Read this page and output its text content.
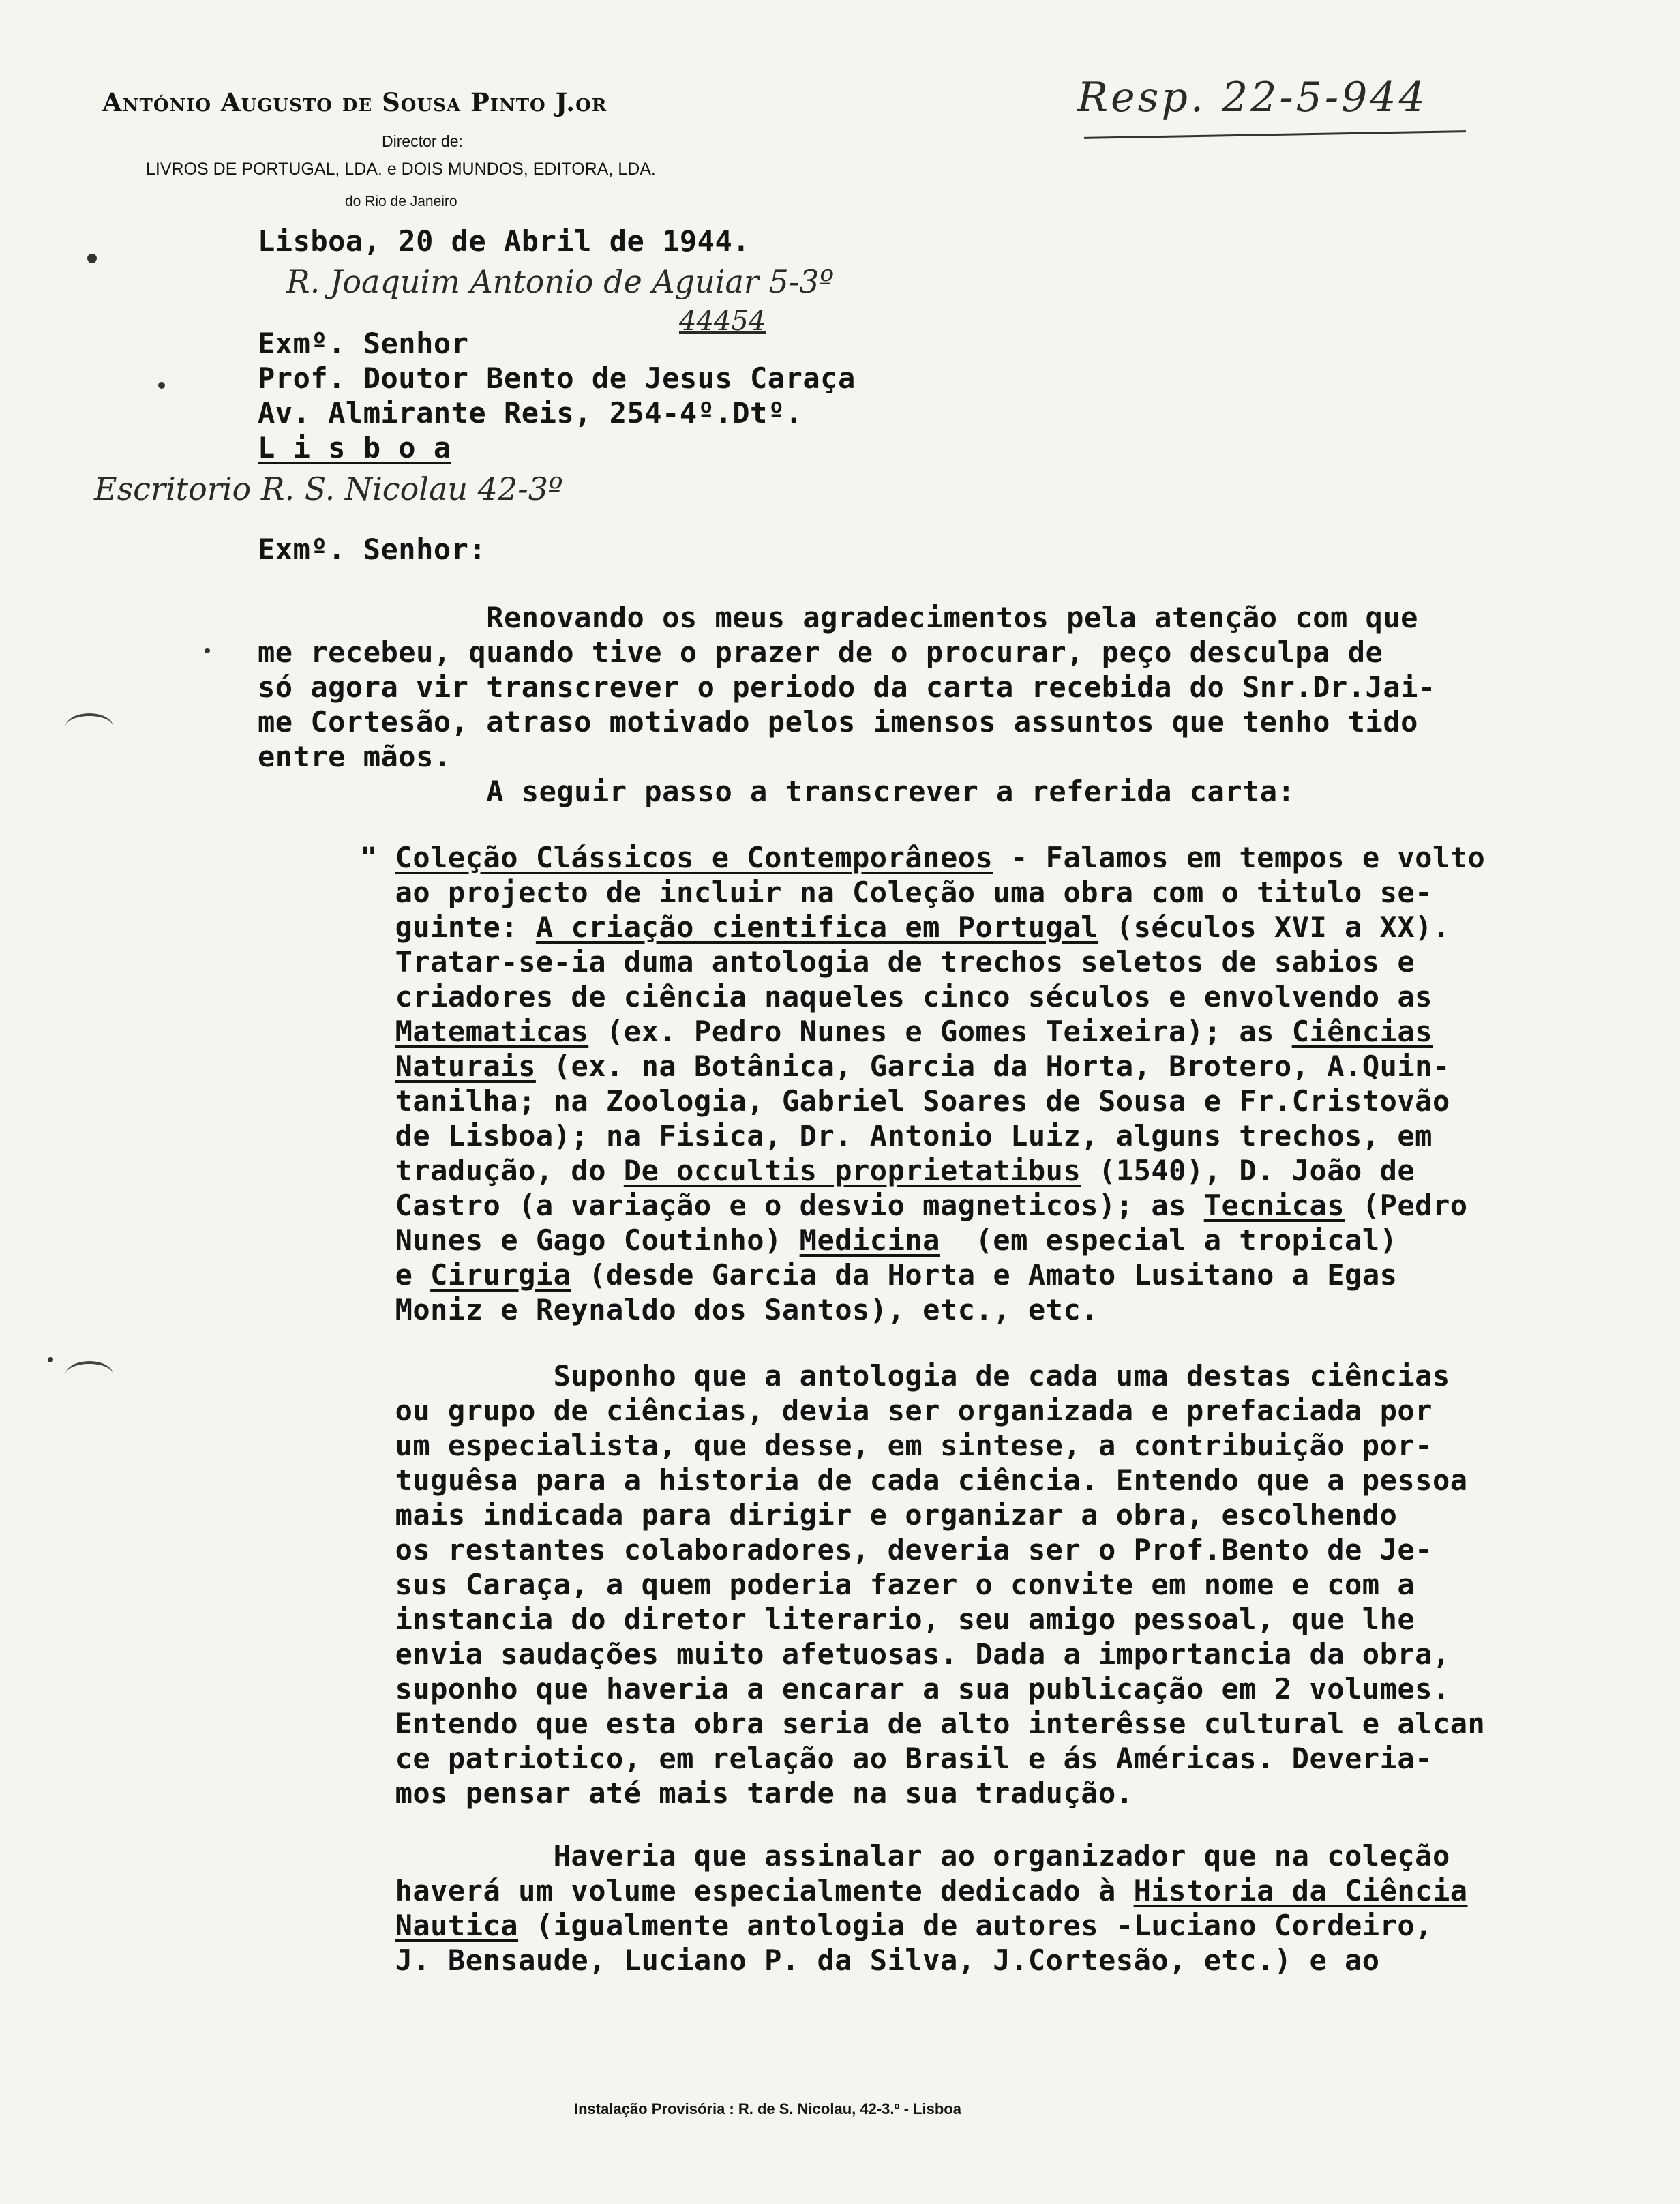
António Augusto de Sousa Pinto J.or
Director de:
LIVROS DE PORTUGAL, LDA. e DOIS MUNDOS, EDITORA, LDA.
do Rio de Janeiro
Resp. 22-5-944
R. Joaquim Antonio de Aguiar 5-3º
44454
Escritorio R. S. Nicolau 42-3º
Lisboa, 20 de Abril de 1944.
Exmº. Senhor
Prof. Doutor Bento de Jesus Caraça
Av. Almirante Reis, 254-4º.Dtº.
L i s b o a
Exmº. Senhor:
Renovando os meus agradecimentos pela atenção com que
me recebeu, quando tive o prazer de o procurar, peço desculpa de
só agora vir transcrever o periodo da carta recebida do Snr.Dr.Jai-
me Cortesão, atraso motivado pelos imensos assuntos que tenho tido
entre mãos.
A seguir passo a transcrever a referida carta:
" Coleção Clássicos e Contemporâneos - Falamos em tempos e volto
ao projecto de incluir na Coleção uma obra com o titulo se-
guinte: A criação cientifica em Portugal (séculos XVI a XX).
Tratar-se-ia duma antologia de trechos seletos de sabios e
criadores de ciência naqueles cinco séculos e envolvendo as
Matematicas (ex. Pedro Nunes e Gomes Teixeira); as Ciências
Naturais (ex. na Botânica, Garcia da Horta, Brotero, A.Quin-
tanilha; na Zoologia, Gabriel Soares de Sousa e Fr.Cristovão
de Lisboa); na Fisica, Dr. Antonio Luiz, alguns trechos, em
tradução, do De occultis proprietatibus (1540), D. João de
Castro (a variação e o desvio magneticos); as Tecnicas (Pedro
Nunes e Gago Coutinho) Medicina  (em especial a tropical)
e Cirurgia (desde Garcia da Horta e Amato Lusitano a Egas
Moniz e Reynaldo dos Santos), etc., etc.
Suponho que a antologia de cada uma destas ciências
ou grupo de ciências, devia ser organizada e prefaciada por
um especialista, que desse, em sintese, a contribuição por-
tuguêsa para a historia de cada ciência. Entendo que a pessoa
mais indicada para dirigir e organizar a obra, escolhendo
os restantes colaboradores, deveria ser o Prof.Bento de Je-
sus Caraça, a quem poderia fazer o convite em nome e com a
instancia do diretor literario, seu amigo pessoal, que lhe
envia saudações muito afetuosas. Dada a importancia da obra,
suponho que haveria a encarar a sua publicação em 2 volumes.
Entendo que esta obra seria de alto interêsse cultural e alcan
ce patriotico, em relação ao Brasil e ás Américas. Deveria-
mos pensar até mais tarde na sua tradução.
Haveria que assinalar ao organizador que na coleção
haverá um volume especialmente dedicado à Historia da Ciência
Nautica (igualmente antologia de autores -Luciano Cordeiro,
J. Bensaude, Luciano P. da Silva, J.Cortesão, etc.) e ao
Instalação Provisória : R. de S. Nicolau, 42-3.º - Lisboa
